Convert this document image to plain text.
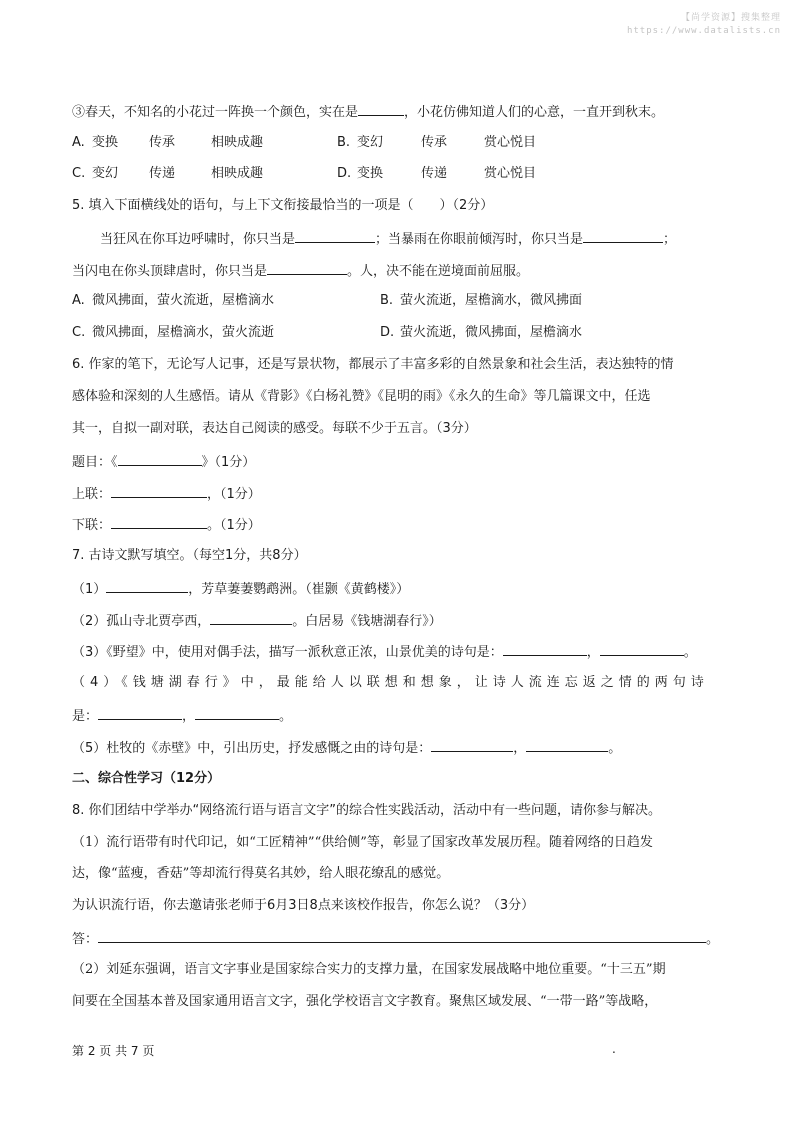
【尚学资源】搜集整理
https://www.datalists.cn
③春天，不知名的小花过一阵换一个颜色，实在是	，小花仿佛知道人们的心意，一直开到秋末。
A. 变换 传承	相映成趣	B. 变幻	传承	赏心悦目
C. 变幻 传递	相映成趣	D. 变换	传递	赏心悦目
5. 填入下面横线处的语句，与上下文衔接最恰当的一项是（　　）（2分）
当狂风在你耳边呼啸时，你只当是	；当暴雨在你眼前倾泻时，你只当是	；
当闪电在你头顶肆虐时，你只当是	。人，决不能在逆境面前屈服。
A. 微风拂面，萤火流逝，屋檐滴水	B. 萤火流逝，屋檐滴水，微风拂面
C. 微风拂面，屋檐滴水，萤火流逝	D. 萤火流逝，微风拂面，屋檐滴水
6. 作家的笔下，无论写人记事，还是写景状物，都展示了丰富多彩的自然景象和社会生活，表达独特的情
感体验和深刻的人生感悟。请从《背影》《白杨礼赞》《昆明的雨》《永久的生命》等几篇课文中，任选
其一，自拟一副对联，表达自己阅读的感受。每联不少于五言。（3分）
题目：《	》（1分）
上联：	，（1分）
下联：	。（1分）
7. 古诗文默写填空。（每空1分，共8分）
（1）	，芳草萋萋鹦鹉洲。（崔颢《黄鹤楼》）
（2）孤山寺北贾亭西，	。白居易《钱塘湖春行》）
（3）《野望》中，使用对偶手法，描写一派秋意正浓，山景优美的诗句是：	，	。
（4）《钱塘湖春行》中，最能给人以联想和想象，让诗人流连忘返之情的两句诗
是：	，	。
（5）杜牧的《赤壁》中，引出历史，抒发感慨之由的诗句是：	，	。
二、综合性学习（12分）
8. 你们团结中学举办“网络流行语与语言文字”的综合性实践活动，活动中有一些问题，请你参与解决。
（1）流行语带有时代印记，如“工匠精神”“供给侧”等，彰显了国家改革发展历程。随着网络的日趋发
达，像“蓝瘦，香菇”等却流行得莫名其妙，给人眼花缭乱的感觉。
为认识流行语，你去邀请张老师于6月3日8点来该校作报告，你怎么说？（3分）
答：	。
（2）刘延东强调，语言文字事业是国家综合实力的支撑力量，在国家发展战略中地位重要。“十三五”期
间要在全国基本普及国家通用语言文字，强化学校语言文字教育。聚焦区域发展、“一带一路”等战略，
第 2 页 共 7 页	.
